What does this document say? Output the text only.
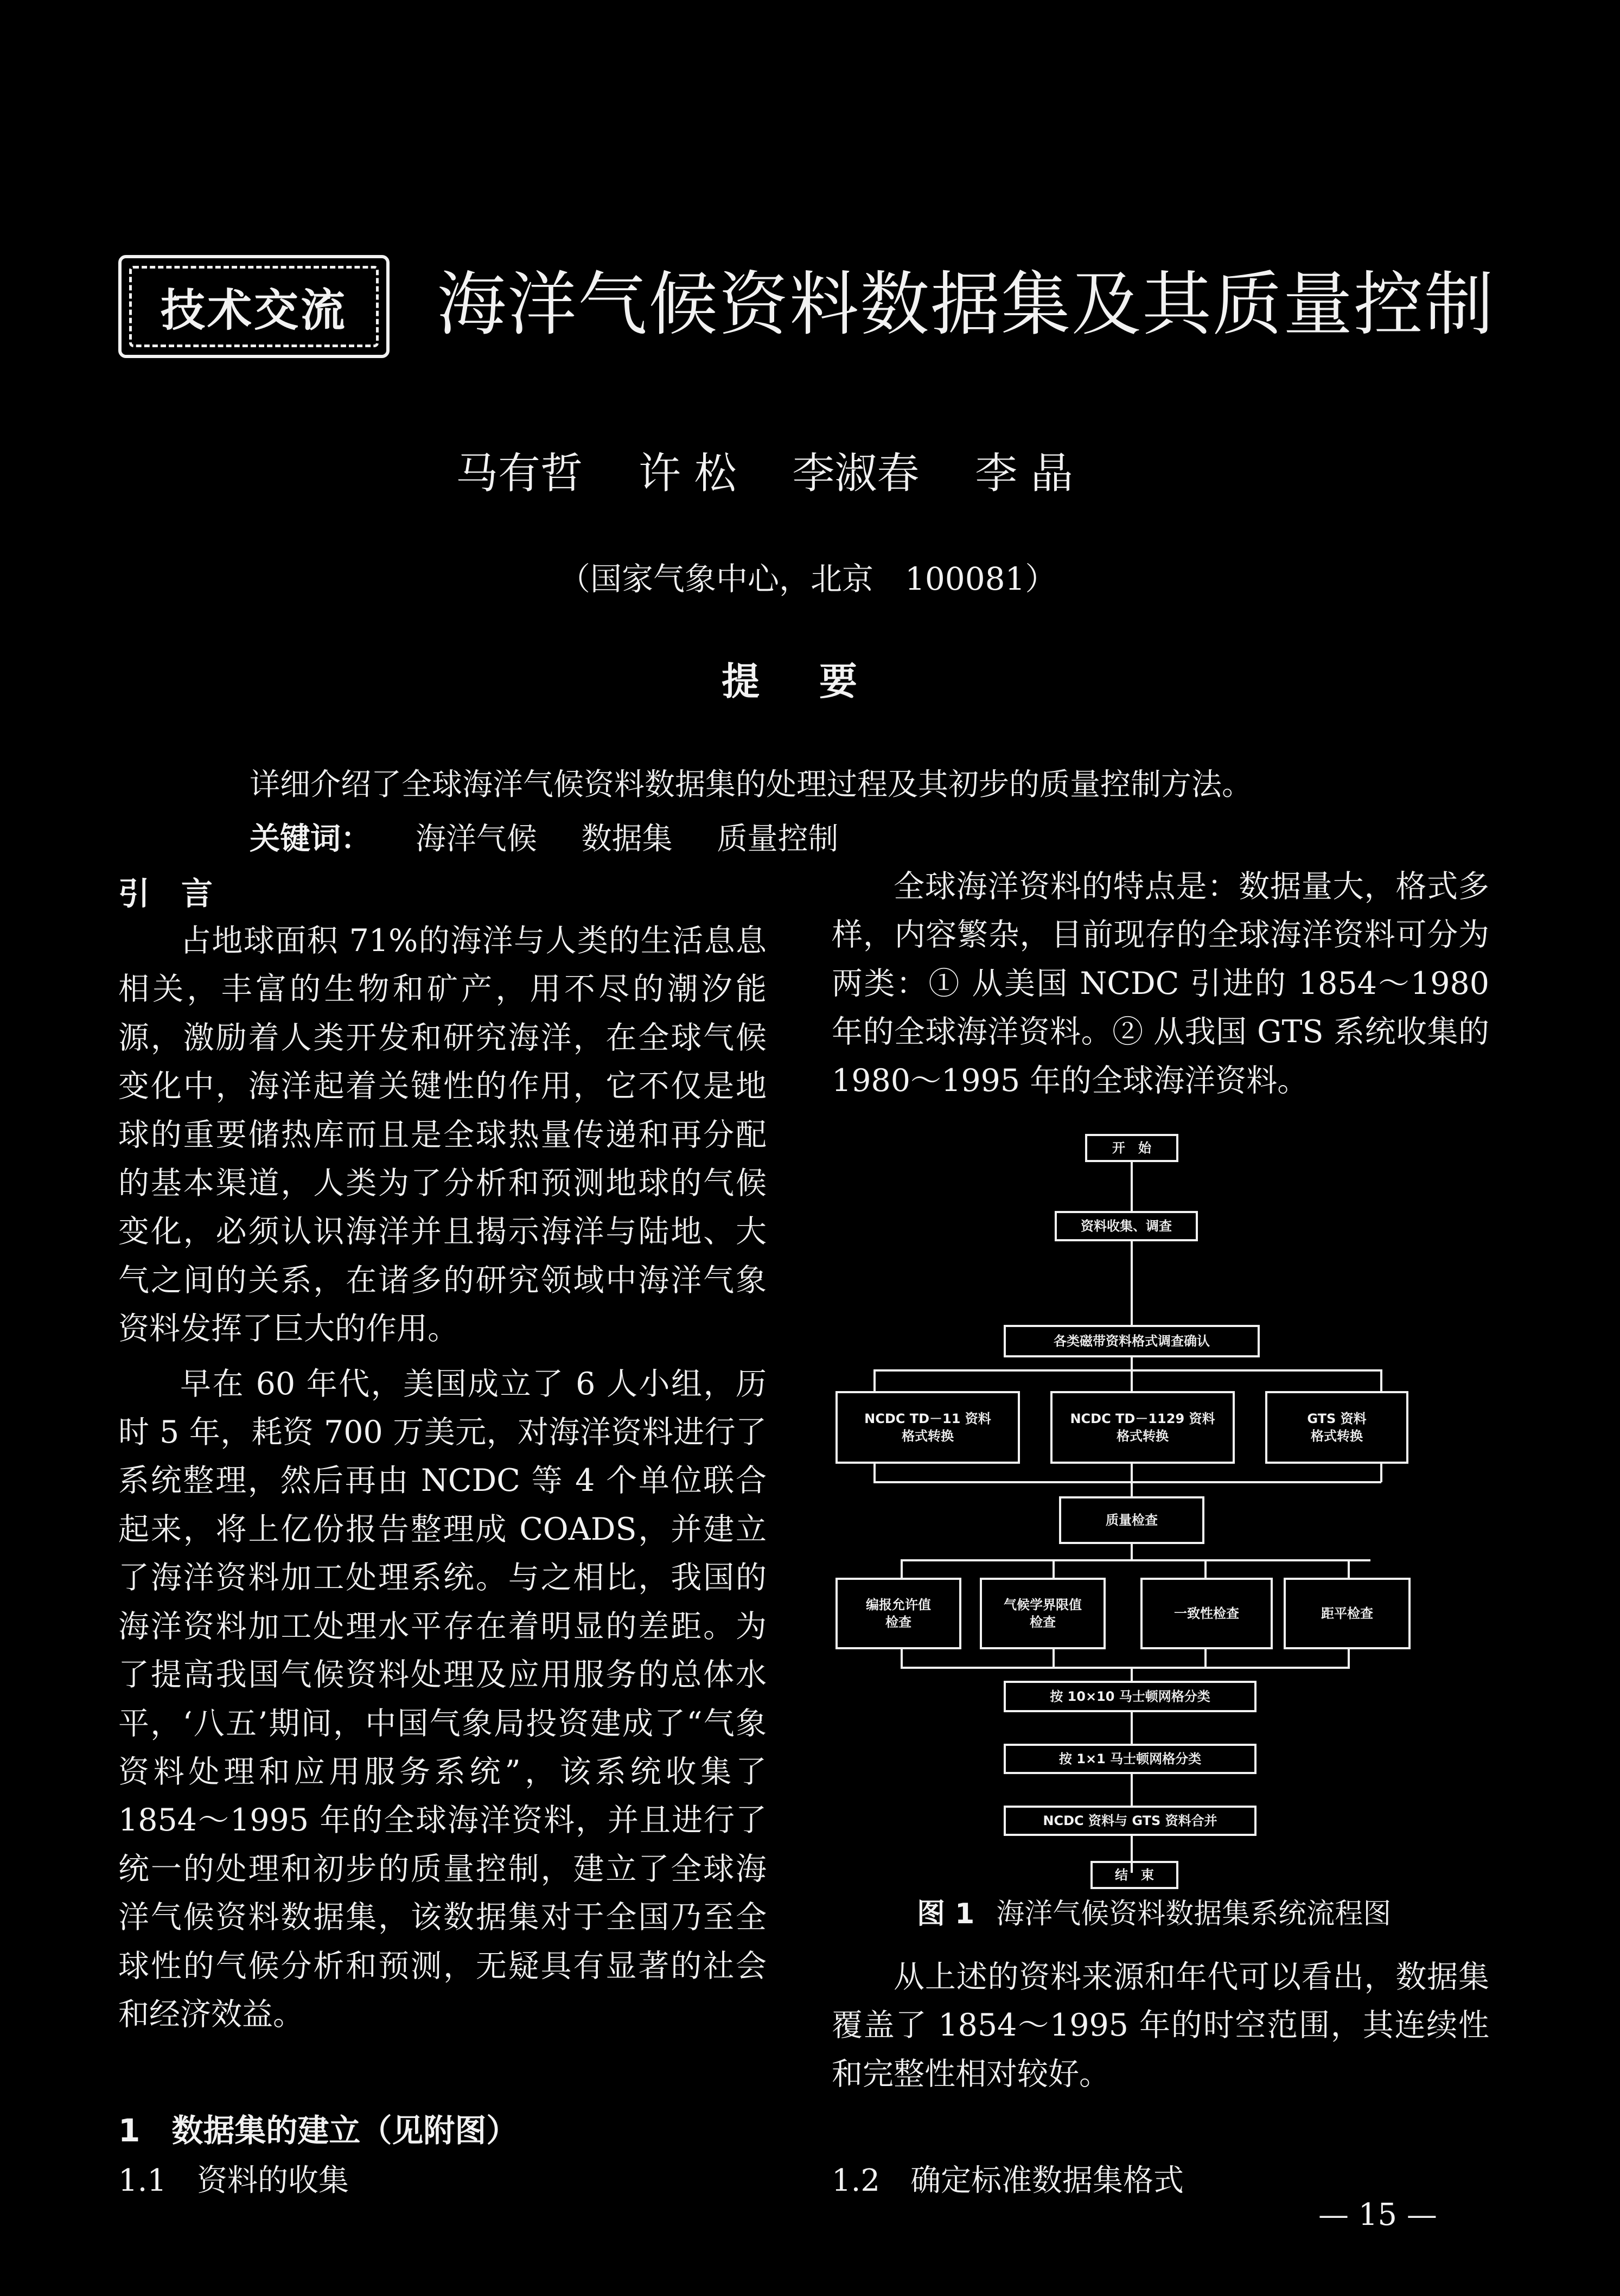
技术交流 海洋气候资料数据集及其质量控制
马有哲 许 松 李淑春 李 晶
（国家气象中心，北京　100081）
提要
详细介绍了全球海洋气候资料数据集的处理过程及其初步的质量控制方法。
关键词： 海洋气候 数据集 质量控制
引　言

占地球面积 71%的海洋与人类的生活息息相关，丰富的生物和矿产，用不尽的潮汐能源，激励着人类开发和研究海洋，在全球气候变化中，海洋起着关键性的作用，它不仅是地球的重要储热库而且是全球热量传递和再分配的基本渠道，人类为了分析和预测地球的气候变化，必须认识海洋并且揭示海洋与陆地、大气之间的关系，在诸多的研究领域中海洋气象资料发挥了巨大的作用。

早在 60 年代，美国成立了 6 人小组，历时 5 年，耗资 700 万美元，对海洋资料进行了系统整理，然后再由 NCDC 等 4 个单位联合起来，将上亿份报告整理成 COADS，并建立了海洋资料加工处理系统。与之相比，我国的海洋资料加工处理水平存在着明显的差距。为了提高我国气候资料处理及应用服务的总体水平，‘八五’期间，中国气象局投资建成了“气象资料处理和应用服务系统”，该系统收集了 1854～1995 年的全球海洋资料，并且进行了统一的处理和初步的质量控制，建立了全球海洋气候资料数据集，该数据集对于全国乃至全球性的气候分析和预测，无疑具有显著的社会和经济效益。

1　数据集的建立（见附图）
1.1　资料的收集

全球海洋资料的特点是：数据量大，格式多样，内容繁杂，目前现存的全球海洋资料可分为两类：① 从美国 NCDC 引进的 1854～1980 年的全球海洋资料。② 从我国 GTS 系统收集的 1980～1995 年的全球海洋资料。

开　始
资料收集、调查
各类磁带资料格式调查确认
NCDC TD－11 资料
格式转换
NCDC TD－1129 资料
格式转换
GTS 资料
格式转换
质量检查
编报允许值
检查
气候学界限值
检查
一致性检查	距平检查
按 10×10 马士顿网格分类
按 1×1 马士顿网格分类
NCDC 资料与 GTS 资料合并
结　束
图 1 海洋气候资料数据集系统流程图

从上述的资料来源和年代可以看出，数据集覆盖了 1854～1995 年的时空范围，其连续性和完整性相对较好。

1.2　确定标准数据集格式
— 15 —
